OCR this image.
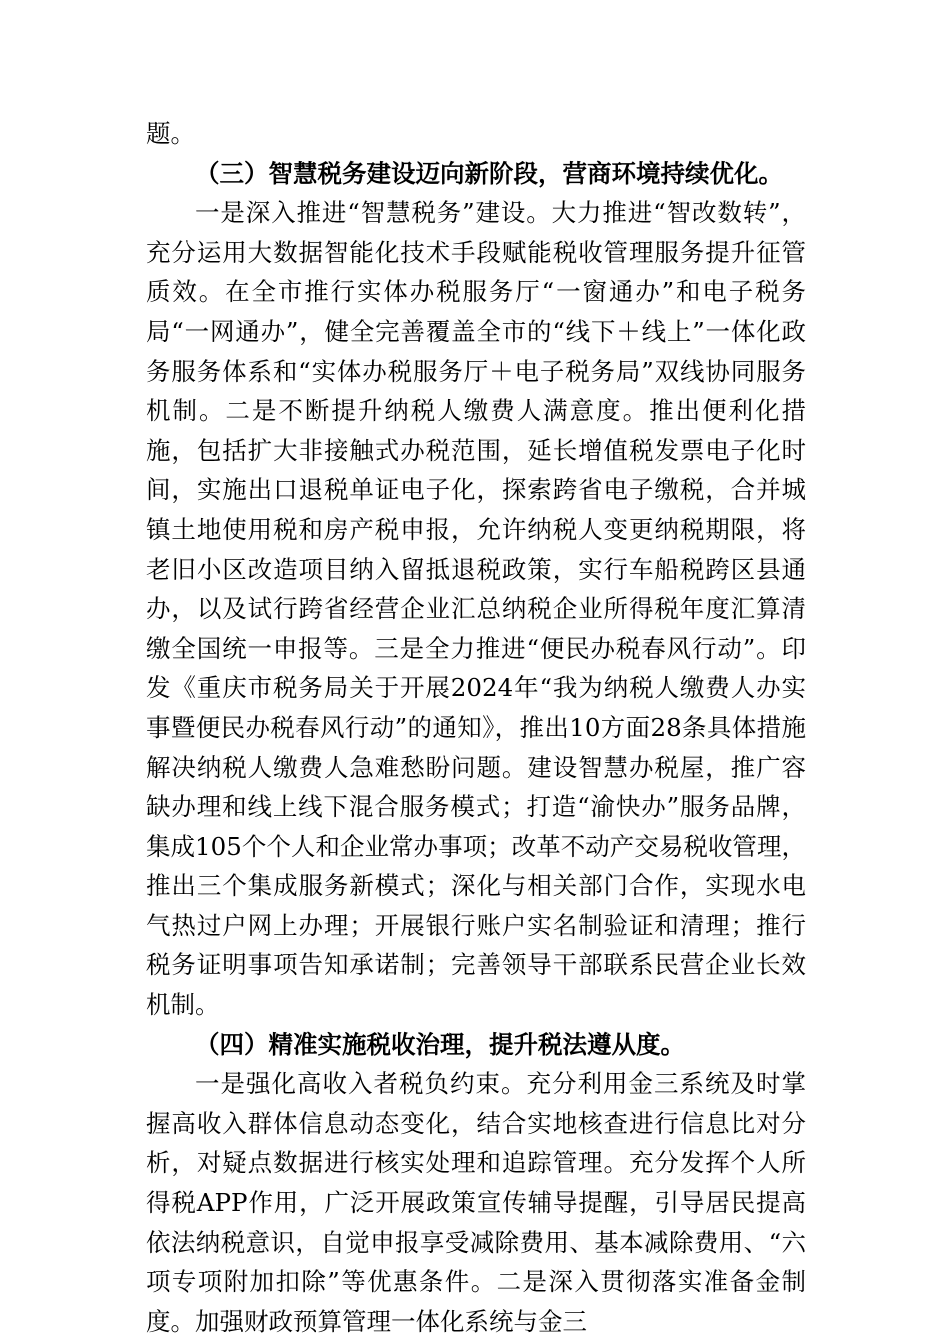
题。

（三）智慧税务建设迈向新阶段，营商环境持续优化。

一是深入推进“智慧税务”建设。大力推进“智改数转”，充分运用大数据智能化技术手段赋能税收管理服务提升征管质效。在全市推行实体办税服务厅“一窗通办”和电子税务局“一网通办”，健全完善覆盖全市的“线下＋线上”一体化政务服务体系和“实体办税服务厅＋电子税务局”双线协同服务机制。二是不断提升纳税人缴费人满意度。推出便利化措施，包括扩大非接触式办税范围，延长增值税发票电子化时间，实施出口退税单证电子化，探索跨省电子缴税，合并城镇土地使用税和房产税申报，允许纳税人变更纳税期限，将老旧小区改造项目纳入留抵退税政策，实行车船税跨区县通办，以及试行跨省经营企业汇总纳税企业所得税年度汇算清缴全国统一申报等。三是全力推进“便民办税春风行动”。印发《重庆市税务局关于开展2024年“我为纳税人缴费人办实事暨便民办税春风行动”的通知》，推出10方面28条具体措施解决纳税人缴费人急难愁盼问题。建设智慧办税屋，推广容缺办理和线上线下混合服务模式；打造“渝快办”服务品牌，集成105个个人和企业常办事项；改革不动产交易税收管理，推出三个集成服务新模式；深化与相关部门合作，实现水电气热过户网上办理；开展银行账户实名制验证和清理；推行税务证明事项告知承诺制；完善领导干部联系民营企业长效机制。

（四）精准实施税收治理，提升税法遵从度。

一是强化高收入者税负约束。充分利用金三系统及时掌握高收入群体信息动态变化，结合实地核查进行信息比对分析，对疑点数据进行核实处理和追踪管理。充分发挥个人所得税APP作用，广泛开展政策宣传辅导提醒，引导居民提高依法纳税意识，自觉申报享受减除费用、基本减除费用、“六项专项附加扣除”等优惠条件。二是深入贯彻落实准备金制度。加强财政预算管理一体化系统与金三
